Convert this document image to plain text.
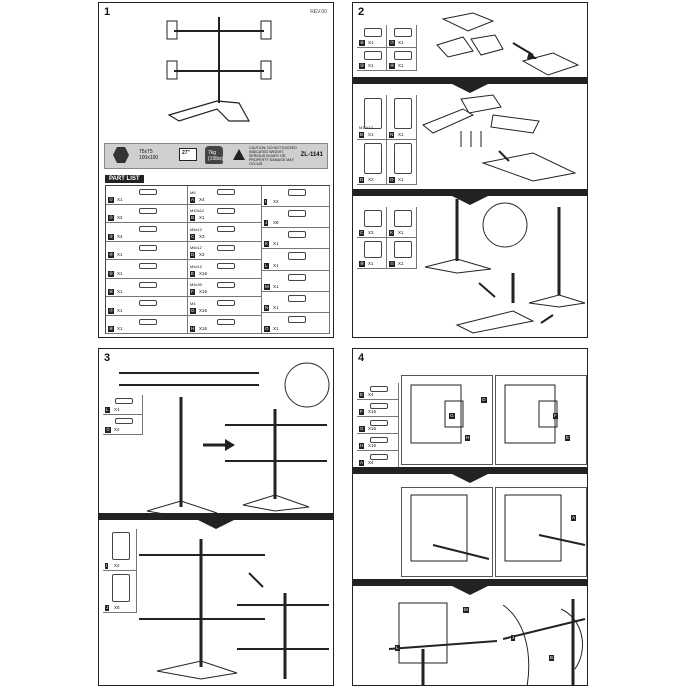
1	REV.00
75x75
100x100
27"	7kg
(15lbs)
CAUTION: DO NOT EXCEED INDICATED WEIGHT. SERIOUS INJURY OR PROPERTY DAMAGE MAY OCCUR.
ZL-1141
PART LIST
① X1
② X2
③ X4
④ X1
⑤ X1
⑥ X1
⑦ X1
⑧ X1
A X4
M6
B X1
M10x12
C X3
M5x12
D X3
M6x12
E X16
M4x12
F X16
M4x30
G X16
M4
H X16
I X2
J X8
K X1
L X1
M X1
N X1
O X1
2
⑥ X1	⑦ X1
⑤ X1	④ X1
B X1
M10x12
N X1
D X2	O X1
C X3	K X1
⑧ X1	① X1
3
L X1
② X2
I X2
J X8
4
E X4
F X16
G X16
H X16
A X4
G
O
H
F
E
A
M
J
L
B
